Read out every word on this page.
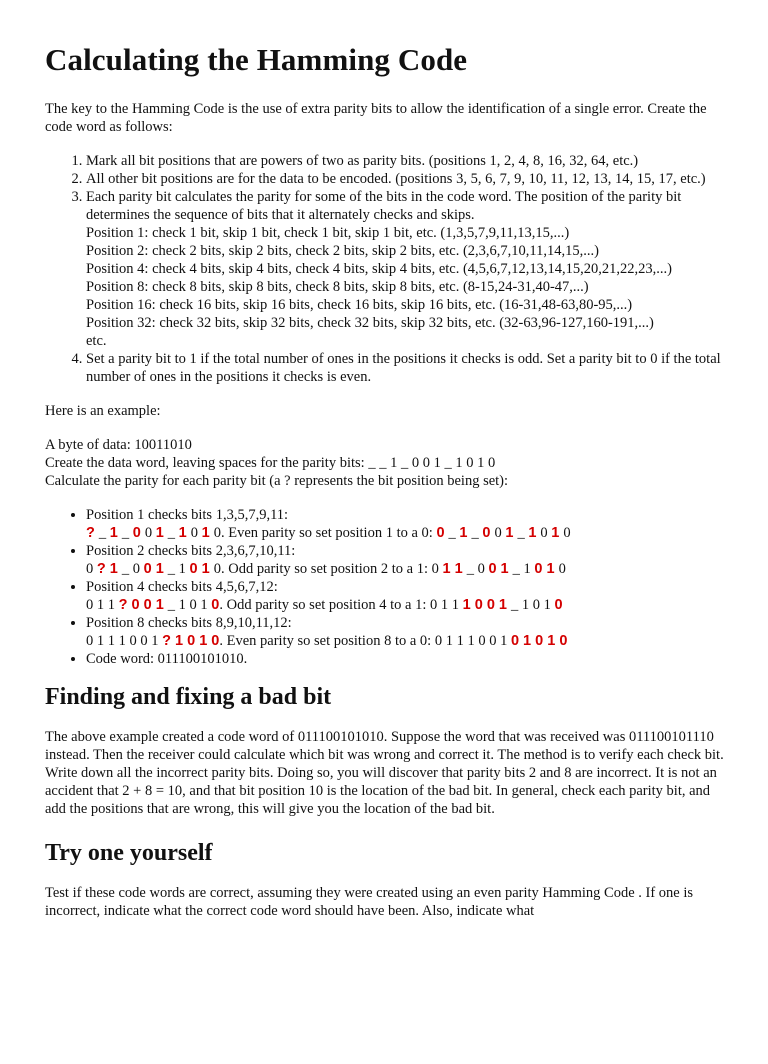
Calculating the Hamming Code

The key to the Hamming Code is the use of extra parity bits to allow the identification of a single error. Create the code word as follows:

1. Mark all bit positions that are powers of two as parity bits. (positions 1, 2, 4, 8, 16, 32, 64, etc.)
2. All other bit positions are for the data to be encoded. (positions 3, 5, 6, 7, 9, 10, 11, 12, 13, 14, 15, 17, etc.)
3. Each parity bit calculates the parity for some of the bits in the code word. The position of the parity bit determines the sequence of bits that it alternately checks and skips.
Position 1: check 1 bit, skip 1 bit, check 1 bit, skip 1 bit, etc. (1,3,5,7,9,11,13,15,...)
Position 2: check 2 bits, skip 2 bits, check 2 bits, skip 2 bits, etc. (2,3,6,7,10,11,14,15,...)
Position 4: check 4 bits, skip 4 bits, check 4 bits, skip 4 bits, etc. (4,5,6,7,12,13,14,15,20,21,22,23,...)
Position 8: check 8 bits, skip 8 bits, check 8 bits, skip 8 bits, etc. (8-15,24-31,40-47,...)
Position 16: check 16 bits, skip 16 bits, check 16 bits, skip 16 bits, etc. (16-31,48-63,80-95,...)
Position 32: check 32 bits, skip 32 bits, check 32 bits, skip 32 bits, etc. (32-63,96-127,160-191,...)
etc.
4. Set a parity bit to 1 if the total number of ones in the positions it checks is odd. Set a parity bit to 0 if the total number of ones in the positions it checks is even.

Here is an example:

A byte of data: 10011010
Create the data word, leaving spaces for the parity bits: _ _ 1 _ 0 0 1 _ 1 0 1 0
Calculate the parity for each parity bit (a ? represents the bit position being set):

• Position 1 checks bits 1,3,5,7,9,11:
? _ 1 _ 0 0 1 _ 1 0 1 0. Even parity so set position 1 to a 0: 0 _ 1 _ 0 0 1 _ 1 0 1 0
• Position 2 checks bits 2,3,6,7,10,11:
0 ? 1 _ 0 0 1 _ 1 0 1 0. Odd parity so set position 2 to a 1: 0 1 1 _ 0 0 1 _ 1 0 1 0
• Position 4 checks bits 4,5,6,7,12:
0 1 1 ? 0 0 1 _ 1 0 1 0. Odd parity so set position 4 to a 1: 0 1 1 1 0 0 1 _ 1 0 1 0
• Position 8 checks bits 8,9,10,11,12:
0 1 1 1 0 0 1 ? 1 0 1 0. Even parity so set position 8 to a 0: 0 1 1 1 0 0 1 0 1 0 1 0
• Code word: 011100101010.
Finding and fixing a bad bit

The above example created a code word of 011100101010. Suppose the word that was received was 011100101110 instead. Then the receiver could calculate which bit was wrong and correct it. The method is to verify each check bit. Write down all the incorrect parity bits. Doing so, you will discover that parity bits 2 and 8 are incorrect. It is not an accident that 2 + 8 = 10, and that bit position 10 is the location of the bad bit. In general, check each parity bit, and add the positions that are wrong, this will give you the location of the bad bit.

Try one yourself

Test if these code words are correct, assuming they were created using an even parity Hamming Code . If one is incorrect, indicate what the correct code word should have been. Also, indicate what
